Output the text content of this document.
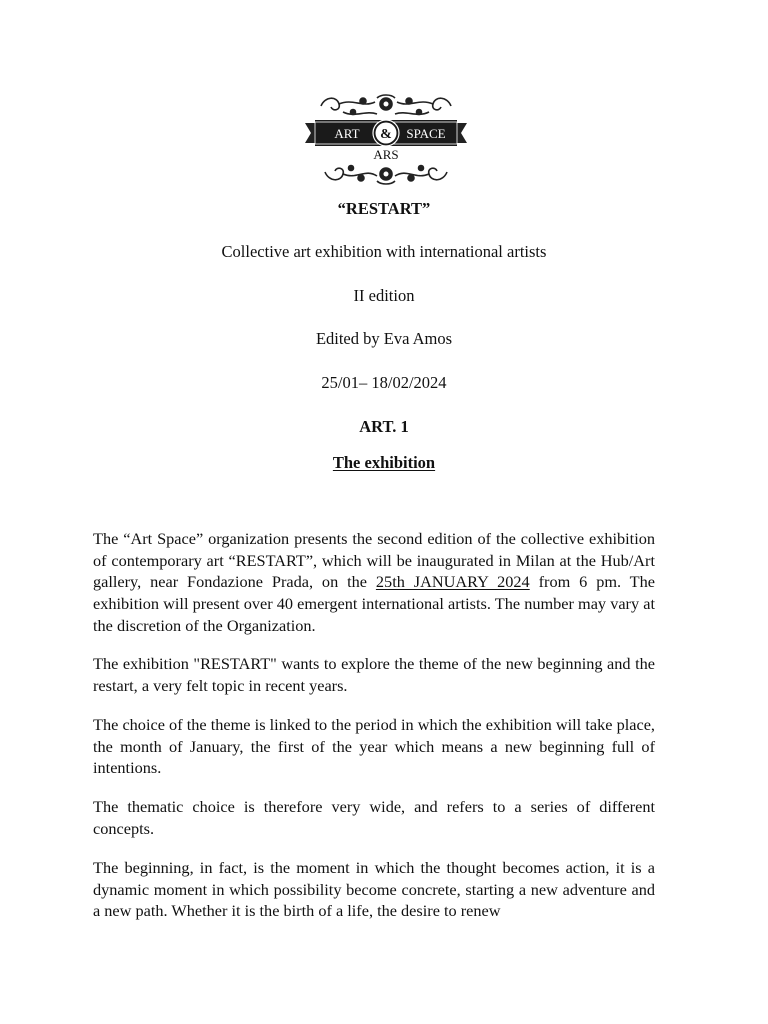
&
ART	SPACE
ARS
“RESTART”
Collective art exhibition with international artists
II edition
Edited by Eva Amos
25/01– 18/02/2024
ART. 1
The exhibition

The “Art Space” organization presents the second edition of the collective exhibition of contemporary art “RESTART”, which will be inaugurated in Milan at the Hub/Art gallery, near Fondazione Prada, on the 25th JANUARY 2024 from 6 pm. The exhibition will present over 40 emergent international artists. The number may vary at the discretion of the Organization.

The exhibition "RESTART" wants to explore the theme of the new beginning and the restart, a very felt topic in recent years.

The choice of the theme is linked to the period in which the exhibition will take place, the month of January, the first of the year which means a new beginning full of intentions.

The thematic choice is therefore very wide, and refers to a series of different concepts.

The beginning, in fact, is the moment in which the thought becomes action, it is a dynamic moment in which possibility become concrete, starting a new adventure and a new path. Whether it is the birth of a life, the desire to renew
